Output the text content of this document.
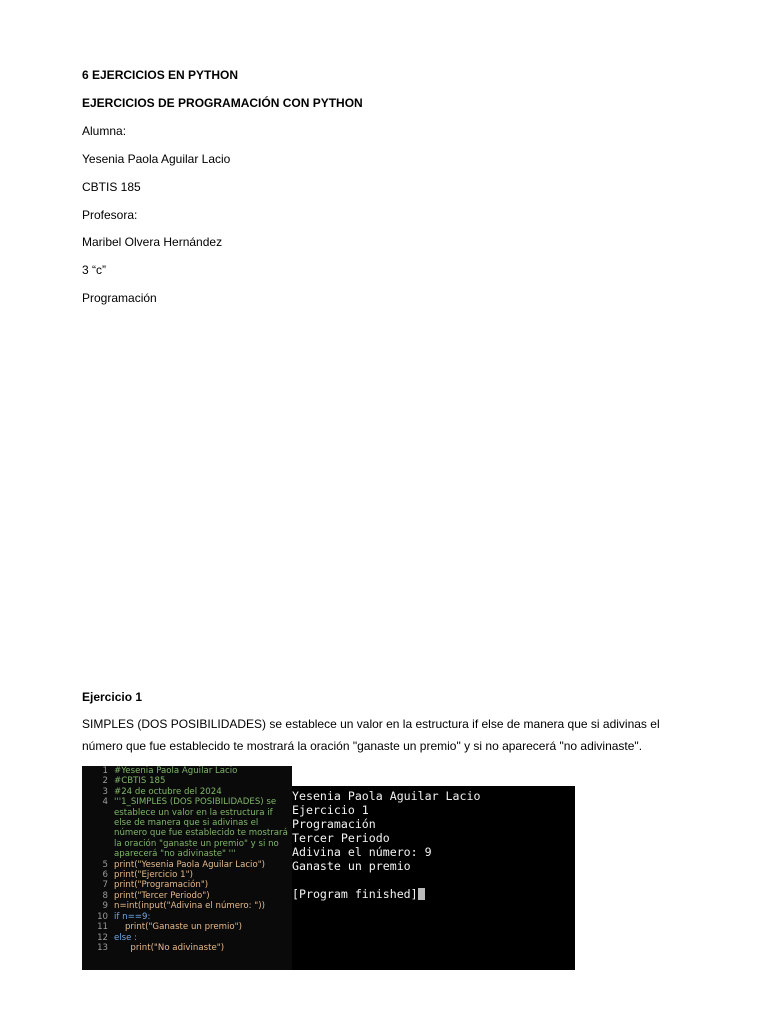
6 EJERCICIOS EN PYTHON
EJERCICIOS DE PROGRAMACIÓN CON PYTHON
Alumna:
Yesenia Paola Aguilar Lacio
CBTIS 185
Profesora:
Maribel Olvera Hernández
3 “c”
Programación
Ejercicio 1
SIMPLES (DOS POSIBILIDADES) se establece un valor en la estructura if else de manera que si adivinas el número que fue establecido te mostrará la oración "ganaste un premio" y si no aparecerá "no adivinaste".
1 #Yesenia Paola Aguilar Lacio
2 #CBTIS 185
3 #24 de octubre del 2024
4 '''1_SIMPLES (DOS POSIBILIDADES) se establece un valor en la estructura if else de manera que si adivinas el número que fue establecido te mostrará la oración "ganaste un premio" y si no aparecerá "no adivinaste" '''
5 print("Yesenia Paola Aguilar Lacio")
6 print("Ejercicio 1")
7 print("Programación")
8 print("Tercer Periodo")
9 n=int(input("Adivina el número: "))
10 if n==9:
11 print("Ganaste un premio")
12 else :
13 print("No adivinaste")
Yesenia Paola Aguilar Lacio
Ejercicio 1
Programación
Tercer Periodo
Adivina el número: 9
Ganaste un premio
[Program finished]
